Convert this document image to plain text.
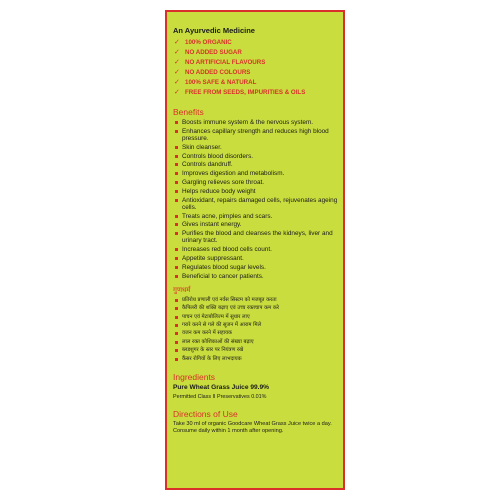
An Ayurvedic Medicine
✓ 100% ORGANIC
✓ NO ADDED SUGAR
✓ NO ARTIFICIAL FLAVOURS
✓ NO ADDED COLOURS
✓ 100% SAFE & NATURAL
✓ FREE FROM SEEDS, IMPURITIES & OILS
Benefits
Boosts immune system & the nervous system.
Enhances capillary strength and reduces high blood pressure.
Skin cleanser.
Controls blood disorders.
Controls dandruff.
Improves digestion and metabolism.
Gargling relieves sore throat.
Helps reduce body weight
Antioxidant, repairs damaged cells, rejuvenates ageing cells.
Treats acne, pimples and scars.
Gives instant energy.
Purifies the blood and cleanses the kidneys, liver and urinary tract.
Increases red blood cells count.
Appetite suppressant.
Regulates blood sugar levels.
Beneficial to cancer patients.
गुणधर्म
प्रतिरोध प्रणाली एवं नर्वस सिस्टम को मजबूत करता
कैपिलरी की शक्ति बढ़ाए एवं उच्च रक्तचाप कम करे
पाचन एवं मेटाबोलिज्म में सुधार लाए
गरारे करने से गले की सूजन में आराम मिले
वजन कम करने में सहायक
लाल रक्त कोशिकाओं की संख्या बढ़ाए
ब्लडशुगर के स्तर पर नियंत्रण रखे
कैंसर रोगियों के लिए लाभदायक
Ingredients
Pure Wheat Grass Juice 99.9%
Permitted Class II Preservatives 0.01%
Directions of Use
Take 30 ml of organic Goodcare Wheat Grass Juice twice a day. Consume daily within 1 month after opening.
